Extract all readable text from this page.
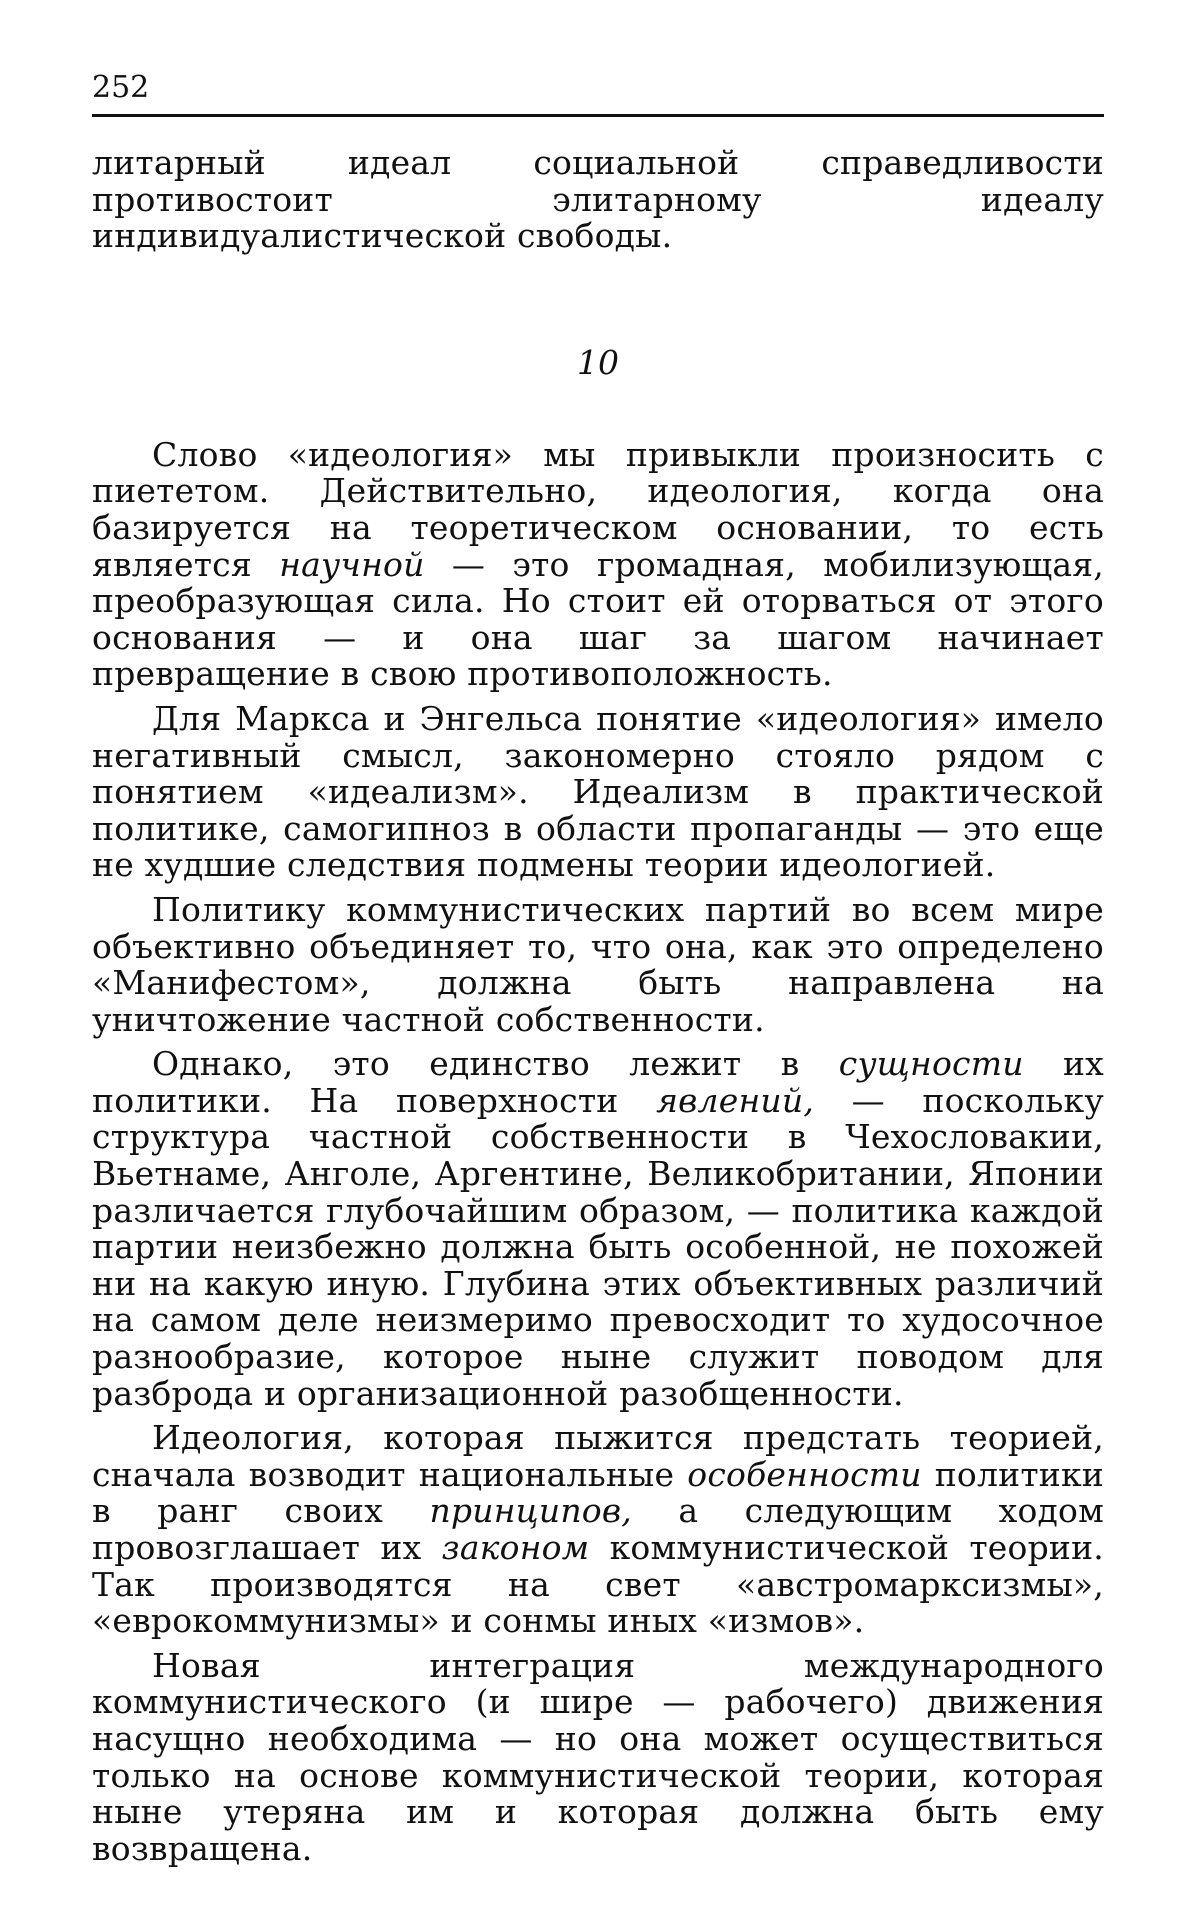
252

литарный идеал социальной справедливости противостоит элитарному идеалу индивидуалистической свободы.

10

Слово «идеология» мы привыкли произносить с пиететом. Действительно, идеология, когда она базируется на теоретическом основании, то есть является научной — это громадная, мобилизующая, преобразующая сила. Но стоит ей оторваться от этого основания — и она шаг за шагом начинает превращение в свою противоположность.

Для Маркса и Энгельса понятие «идеология» имело негативный смысл, закономерно стояло рядом с понятием «идеализм». Идеализм в практической политике, самогипноз в области пропаганды — это еще не худшие следствия подмены теории идеологией.

Политику коммунистических партий во всем мире объективно объединяет то, что она, как это определено «Манифестом», должна быть направлена на уничтожение частной собственности.

Однако, это единство лежит в сущности их политики. На поверхности явлений, — поскольку структура частной собственности в Чехословакии, Вьетнаме, Анголе, Аргентине, Великобритании, Японии различается глубочайшим образом, — политика каждой партии неизбежно должна быть особенной, не похожей ни на какую иную. Глубина этих объективных различий на самом деле неизмеримо превосходит то худосочное разнообразие, которое ныне служит поводом для разброда и организационной разобщенности.

Идеология, которая пыжится предстать теорией, сначала возводит национальные особенности политики в ранг своих принципов, а следующим ходом провозглашает их законом коммунистической теории. Так производятся на свет «австромарксизмы», «еврокоммунизмы» и сонмы иных «измов».

Новая интеграция международного коммунистического (и шире — рабочего) движения насущно необходима — но она может осуществиться только на основе коммунистической теории, которая ныне утеряна им и которая должна быть ему возвращена.
